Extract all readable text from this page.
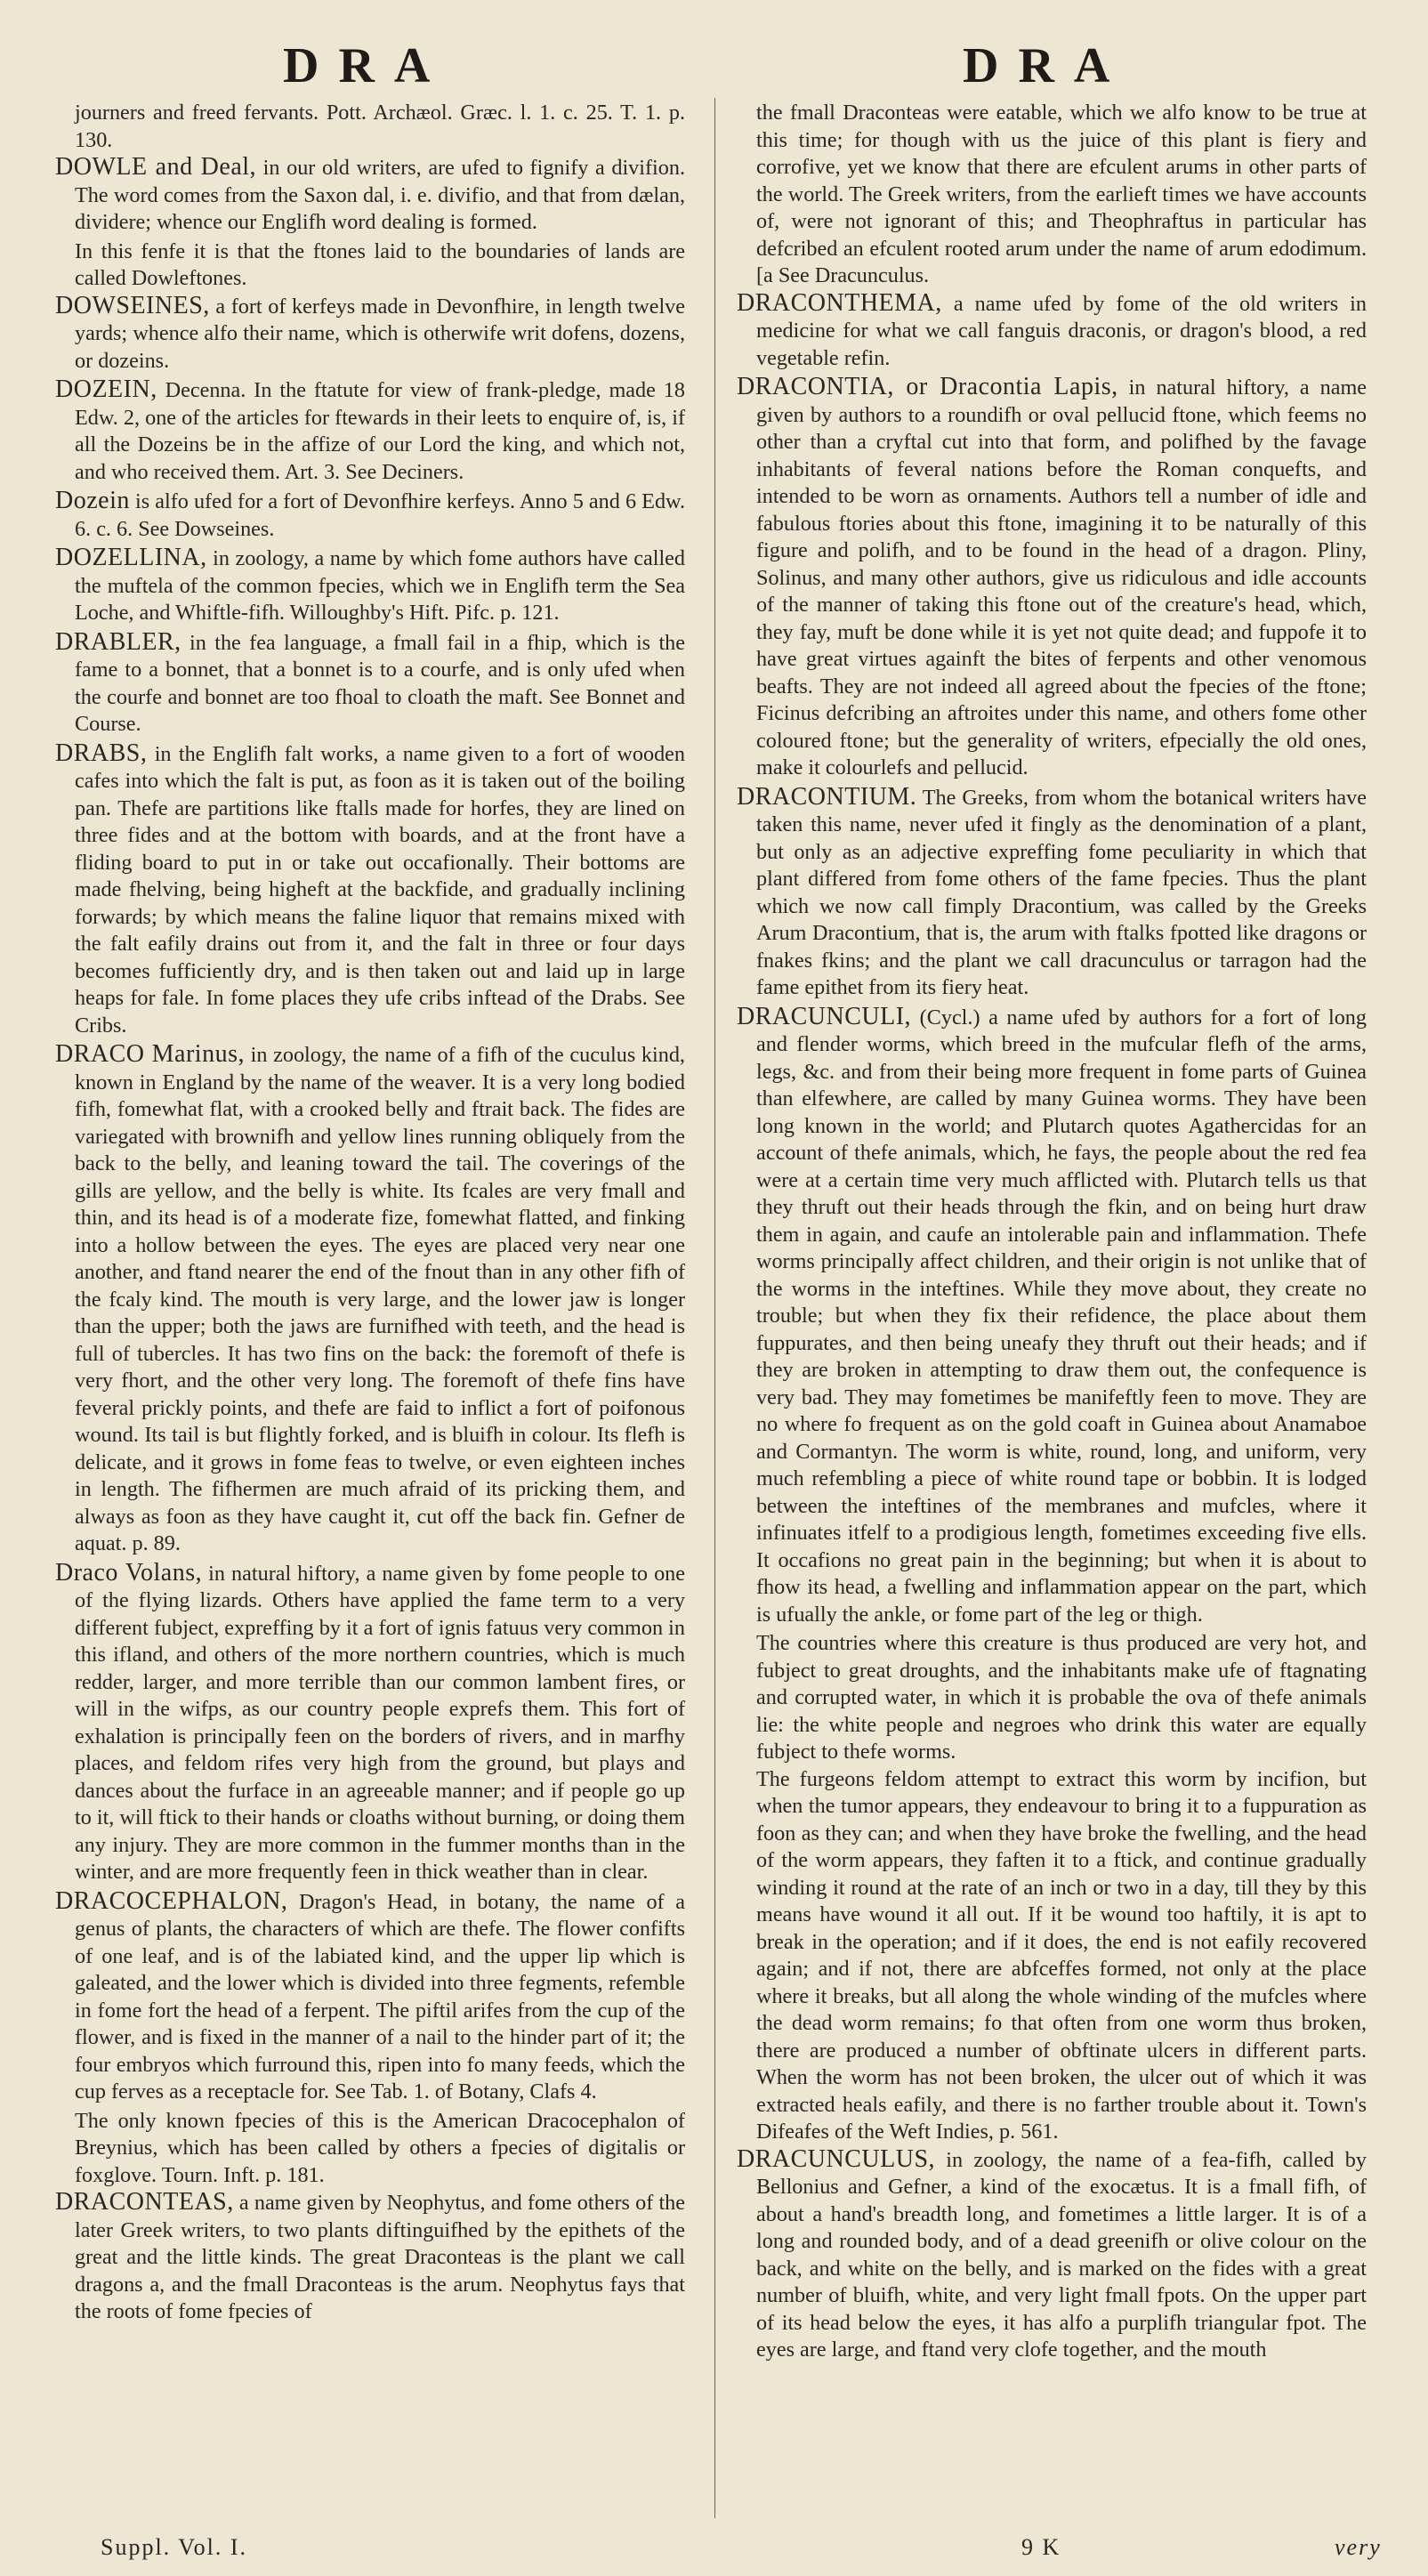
DRA	DRA

journers and freed fervants. Pott. Archæol. Græc. l. 1. c. 25. T. 1. p. 130.

DOWLE and Deal, in our old writers, are ufed to fignify a divifion. The word comes from the Saxon dal, i. e. divifio, and that from dælan, dividere; whence our Englifh word dealing is formed.

In this fenfe it is that the ftones laid to the boundaries of lands are called Dowleftones.

DOWSEINES, a fort of kerfeys made in Devonfhire, in length twelve yards; whence alfo their name, which is otherwife writ dofens, dozens, or dozeins.

DOZEIN, Decenna. In the ftatute for view of frank-pledge, made 18 Edw. 2, one of the articles for ftewards in their leets to enquire of, is, if all the Dozeins be in the affize of our Lord the king, and which not, and who received them. Art. 3. See Deciners.

Dozein is alfo ufed for a fort of Devonfhire kerfeys. Anno 5 and 6 Edw. 6. c. 6. See Dowseines.

DOZELLINA, in zoology, a name by which fome authors have called the muftela of the common fpecies, which we in Englifh term the Sea Loche, and Whiftle-fifh. Willoughby's Hift. Pifc. p. 121.

DRABLER, in the fea language, a fmall fail in a fhip, which is the fame to a bonnet, that a bonnet is to a courfe, and is only ufed when the courfe and bonnet are too fhoal to cloath the maft. See Bonnet and Course.

DRABS, in the Englifh falt works, a name given to a fort of wooden cafes into which the falt is put, as foon as it is taken out of the boiling pan. Thefe are partitions like ftalls made for horfes, they are lined on three fides and at the bottom with boards, and at the front have a fliding board to put in or take out occafionally. Their bottoms are made fhelving, being higheft at the backfide, and gradually inclining forwards; by which means the faline liquor that remains mixed with the falt eafily drains out from it, and the falt in three or four days becomes fufficiently dry, and is then taken out and laid up in large heaps for fale. In fome places they ufe cribs inftead of the Drabs. See Cribs.

DRACO Marinus, in zoology, the name of a fifh of the cuculus kind, known in England by the name of the weaver. It is a very long bodied fifh, fomewhat flat, with a crooked belly and ftrait back. The fides are variegated with brownifh and yellow lines running obliquely from the back to the belly, and leaning toward the tail. The coverings of the gills are yellow, and the belly is white. Its fcales are very fmall and thin, and its head is of a moderate fize, fomewhat flatted, and finking into a hollow between the eyes. The eyes are placed very near one another, and ftand nearer the end of the fnout than in any other fifh of the fcaly kind. The mouth is very large, and the lower jaw is longer than the upper; both the jaws are furnifhed with teeth, and the head is full of tubercles. It has two fins on the back: the foremoft of thefe is very fhort, and the other very long. The foremoft of thefe fins have feveral prickly points, and thefe are faid to inflict a fort of poifonous wound. Its tail is but flightly forked, and is bluifh in colour. Its flefh is delicate, and it grows in fome feas to twelve, or even eighteen inches in length. The fifhermen are much afraid of its pricking them, and always as foon as they have caught it, cut off the back fin. Gefner de aquat. p. 89.

Draco Volans, in natural hiftory, a name given by fome people to one of the flying lizards. Others have applied the fame term to a very different fubject, expreffing by it a fort of ignis fatuus very common in this ifland, and others of the more northern countries, which is much redder, larger, and more terrible than our common lambent fires, or will in the wifps, as our country people exprefs them. This fort of exhalation is principally feen on the borders of rivers, and in marfhy places, and feldom rifes very high from the ground, but plays and dances about the furface in an agreeable manner; and if people go up to it, will ftick to their hands or cloaths without burning, or doing them any injury. They are more common in the fummer months than in the winter, and are more frequently feen in thick weather than in clear.

DRACOCEPHALON, Dragon's Head, in botany, the name of a genus of plants, the characters of which are thefe. The flower confifts of one leaf, and is of the labiated kind, and the upper lip which is galeated, and the lower which is divided into three fegments, refemble in fome fort the head of a ferpent. The piftil arifes from the cup of the flower, and is fixed in the manner of a nail to the hinder part of it; the four embryos which furround this, ripen into fo many feeds, which the cup ferves as a receptacle for. See Tab. 1. of Botany, Clafs 4.

The only known fpecies of this is the American Dracocephalon of Breynius, which has been called by others a fpecies of digitalis or foxglove. Tourn. Inft. p. 181.

DRACONTEAS, a name given by Neophytus, and fome others of the later Greek writers, to two plants diftinguifhed by the epithets of the great and the little kinds. The great Draconteas is the plant we call dragons a, and the fmall Draconteas is the arum. Neophytus fays that the roots of fome fpecies of

the fmall Draconteas were eatable, which we alfo know to be true at this time; for though with us the juice of this plant is fiery and corrofive, yet we know that there are efculent arums in other parts of the world. The Greek writers, from the earlieft times we have accounts of, were not ignorant of this; and Theophraftus in particular has defcribed an efculent rooted arum under the name of arum edodimum. [a See Dracunculus.

DRACONTHEMA, a name ufed by fome of the old writers in medicine for what we call fanguis draconis, or dragon's blood, a red vegetable refin.

DRACONTIA, or Dracontia Lapis, in natural hiftory, a name given by authors to a roundifh or oval pellucid ftone, which feems no other than a cryftal cut into that form, and polifhed by the favage inhabitants of feveral nations before the Roman conquefts, and intended to be worn as ornaments. Authors tell a number of idle and fabulous ftories about this ftone, imagining it to be naturally of this figure and polifh, and to be found in the head of a dragon. Pliny, Solinus, and many other authors, give us ridiculous and idle accounts of the manner of taking this ftone out of the creature's head, which, they fay, muft be done while it is yet not quite dead; and fuppofe it to have great virtues againft the bites of ferpents and other venomous beafts. They are not indeed all agreed about the fpecies of the ftone; Ficinus defcribing an aftroites under this name, and others fome other coloured ftone; but the generality of writers, efpecially the old ones, make it colourlefs and pellucid.

DRACONTIUM. The Greeks, from whom the botanical writers have taken this name, never ufed it fingly as the denomination of a plant, but only as an adjective expreffing fome peculiarity in which that plant differed from fome others of the fame fpecies. Thus the plant which we now call fimply Dracontium, was called by the Greeks Arum Dracontium, that is, the arum with ftalks fpotted like dragons or fnakes fkins; and the plant we call dracunculus or tarragon had the fame epithet from its fiery heat.

DRACUNCULI, (Cycl.) a name ufed by authors for a fort of long and flender worms, which breed in the mufcular flefh of the arms, legs, &c. and from their being more frequent in fome parts of Guinea than elfewhere, are called by many Guinea worms. They have been long known in the world; and Plutarch quotes Agathercidas for an account of thefe animals, which, he fays, the people about the red fea were at a certain time very much afflicted with. Plutarch tells us that they thruft out their heads through the fkin, and on being hurt draw them in again, and caufe an intolerable pain and inflammation. Thefe worms principally affect children, and their origin is not unlike that of the worms in the inteftines. While they move about, they create no trouble; but when they fix their refidence, the place about them fuppurates, and then being uneafy they thruft out their heads; and if they are broken in attempting to draw them out, the confequence is very bad. They may fometimes be manifeftly feen to move. They are no where fo frequent as on the gold coaft in Guinea about Anamaboe and Cormantyn. The worm is white, round, long, and uniform, very much refembling a piece of white round tape or bobbin. It is lodged between the inteftines of the membranes and mufcles, where it infinuates itfelf to a prodigious length, fometimes exceeding five ells. It occafions no great pain in the beginning; but when it is about to fhow its head, a fwelling and inflammation appear on the part, which is ufually the ankle, or fome part of the leg or thigh.

The countries where this creature is thus produced are very hot, and fubject to great droughts, and the inhabitants make ufe of ftagnating and corrupted water, in which it is probable the ova of thefe animals lie: the white people and negroes who drink this water are equally fubject to thefe worms.

The furgeons feldom attempt to extract this worm by incifion, but when the tumor appears, they endeavour to bring it to a fuppuration as foon as they can; and when they have broke the fwelling, and the head of the worm appears, they faften it to a ftick, and continue gradually winding it round at the rate of an inch or two in a day, till they by this means have wound it all out. If it be wound too haftily, it is apt to break in the operation; and if it does, the end is not eafily recovered again; and if not, there are abfceffes formed, not only at the place where it breaks, but all along the whole winding of the mufcles where the dead worm remains; fo that often from one worm thus broken, there are produced a number of obftinate ulcers in different parts. When the worm has not been broken, the ulcer out of which it was extracted heals eafily, and there is no farther trouble about it. Town's Difeafes of the Weft Indies, p. 561.

DRACUNCULUS, in zoology, the name of a fea-fifh, called by Bellonius and Gefner, a kind of the exocætus. It is a fmall fifh, of about a hand's breadth long, and fometimes a little larger. It is of a long and rounded body, and of a dead greenifh or olive colour on the back, and white on the belly, and is marked on the fides with a great number of bluifh, white, and very light fmall fpots. On the upper part of its head below the eyes, it has alfo a purplifh triangular fpot. The eyes are large, and ftand very clofe together, and the mouth

Suppl. Vol. I.	9 K	very
